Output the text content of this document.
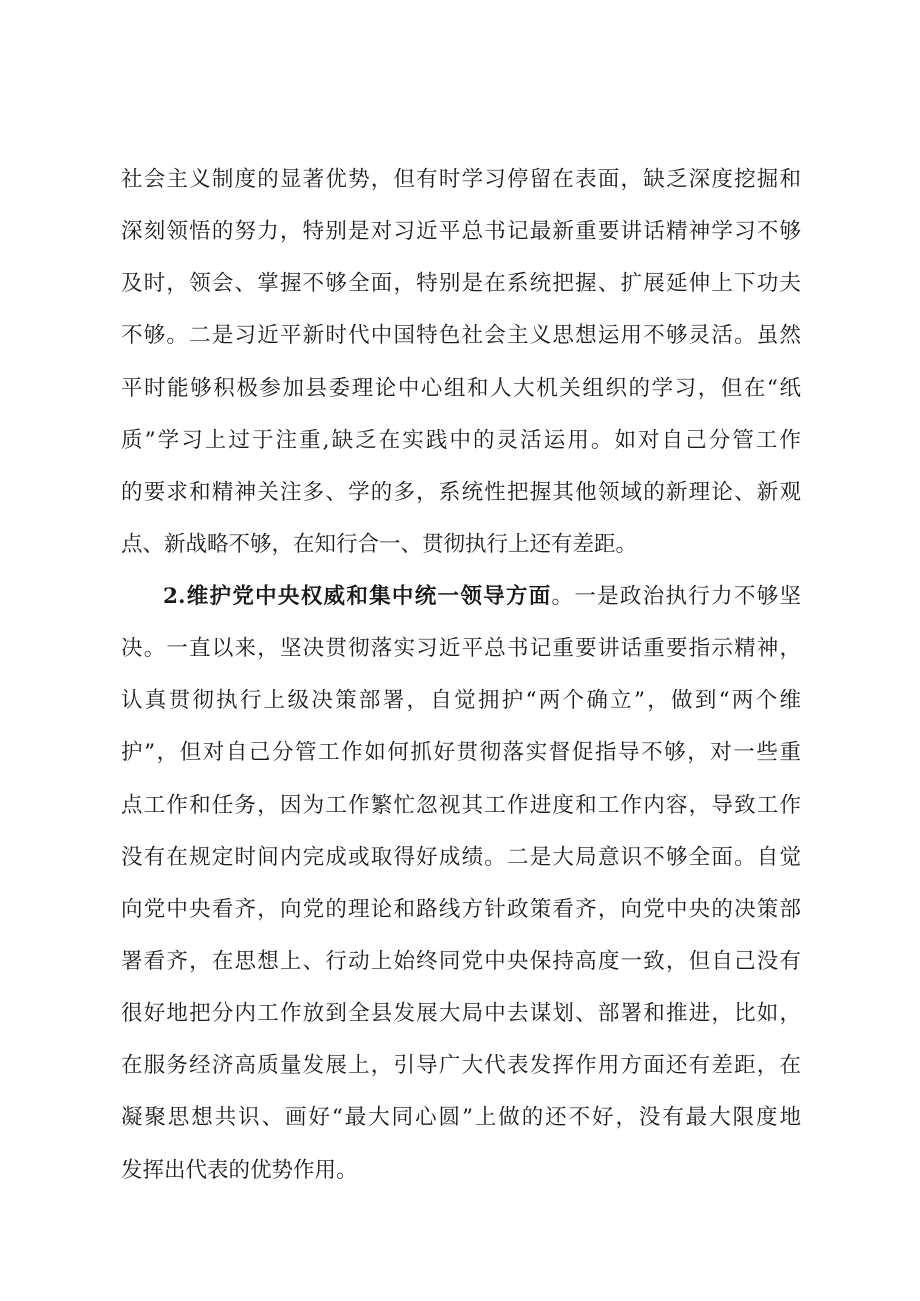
社会主义制度的显著优势，但有时学习停留在表面，缺乏深度挖掘和
深刻领悟的努力，特别是对习近平总书记最新重要讲话精神学习不够
及时，领会、掌握不够全面，特别是在系统把握、扩展延伸上下功夫
不够。二是习近平新时代中国特色社会主义思想运用不够灵活。虽然
平时能够积极参加县委理论中心组和人大机关组织的学习，但在“纸
质”学习上过于注重,缺乏在实践中的灵活运用。如对自己分管工作
的要求和精神关注多、学的多，系统性把握其他领域的新理论、新观
点、新战略不够，在知行合一、贯彻执行上还有差距。
2.维护党中央权威和集中统一领导方面。一是政治执行力不够坚
决。一直以来，坚决贯彻落实习近平总书记重要讲话重要指示精神，
认真贯彻执行上级决策部署，自觉拥护“两个确立”，做到“两个维
护”，但对自己分管工作如何抓好贯彻落实督促指导不够，对一些重
点工作和任务，因为工作繁忙忽视其工作进度和工作内容，导致工作
没有在规定时间内完成或取得好成绩。二是大局意识不够全面。自觉
向党中央看齐，向党的理论和路线方针政策看齐，向党中央的决策部
署看齐，在思想上、行动上始终同党中央保持高度一致，但自己没有
很好地把分内工作放到全县发展大局中去谋划、部署和推进，比如，
在服务经济高质量发展上，引导广大代表发挥作用方面还有差距，在
凝聚思想共识、画好“最大同心圆”上做的还不好，没有最大限度地
发挥出代表的优势作用。
